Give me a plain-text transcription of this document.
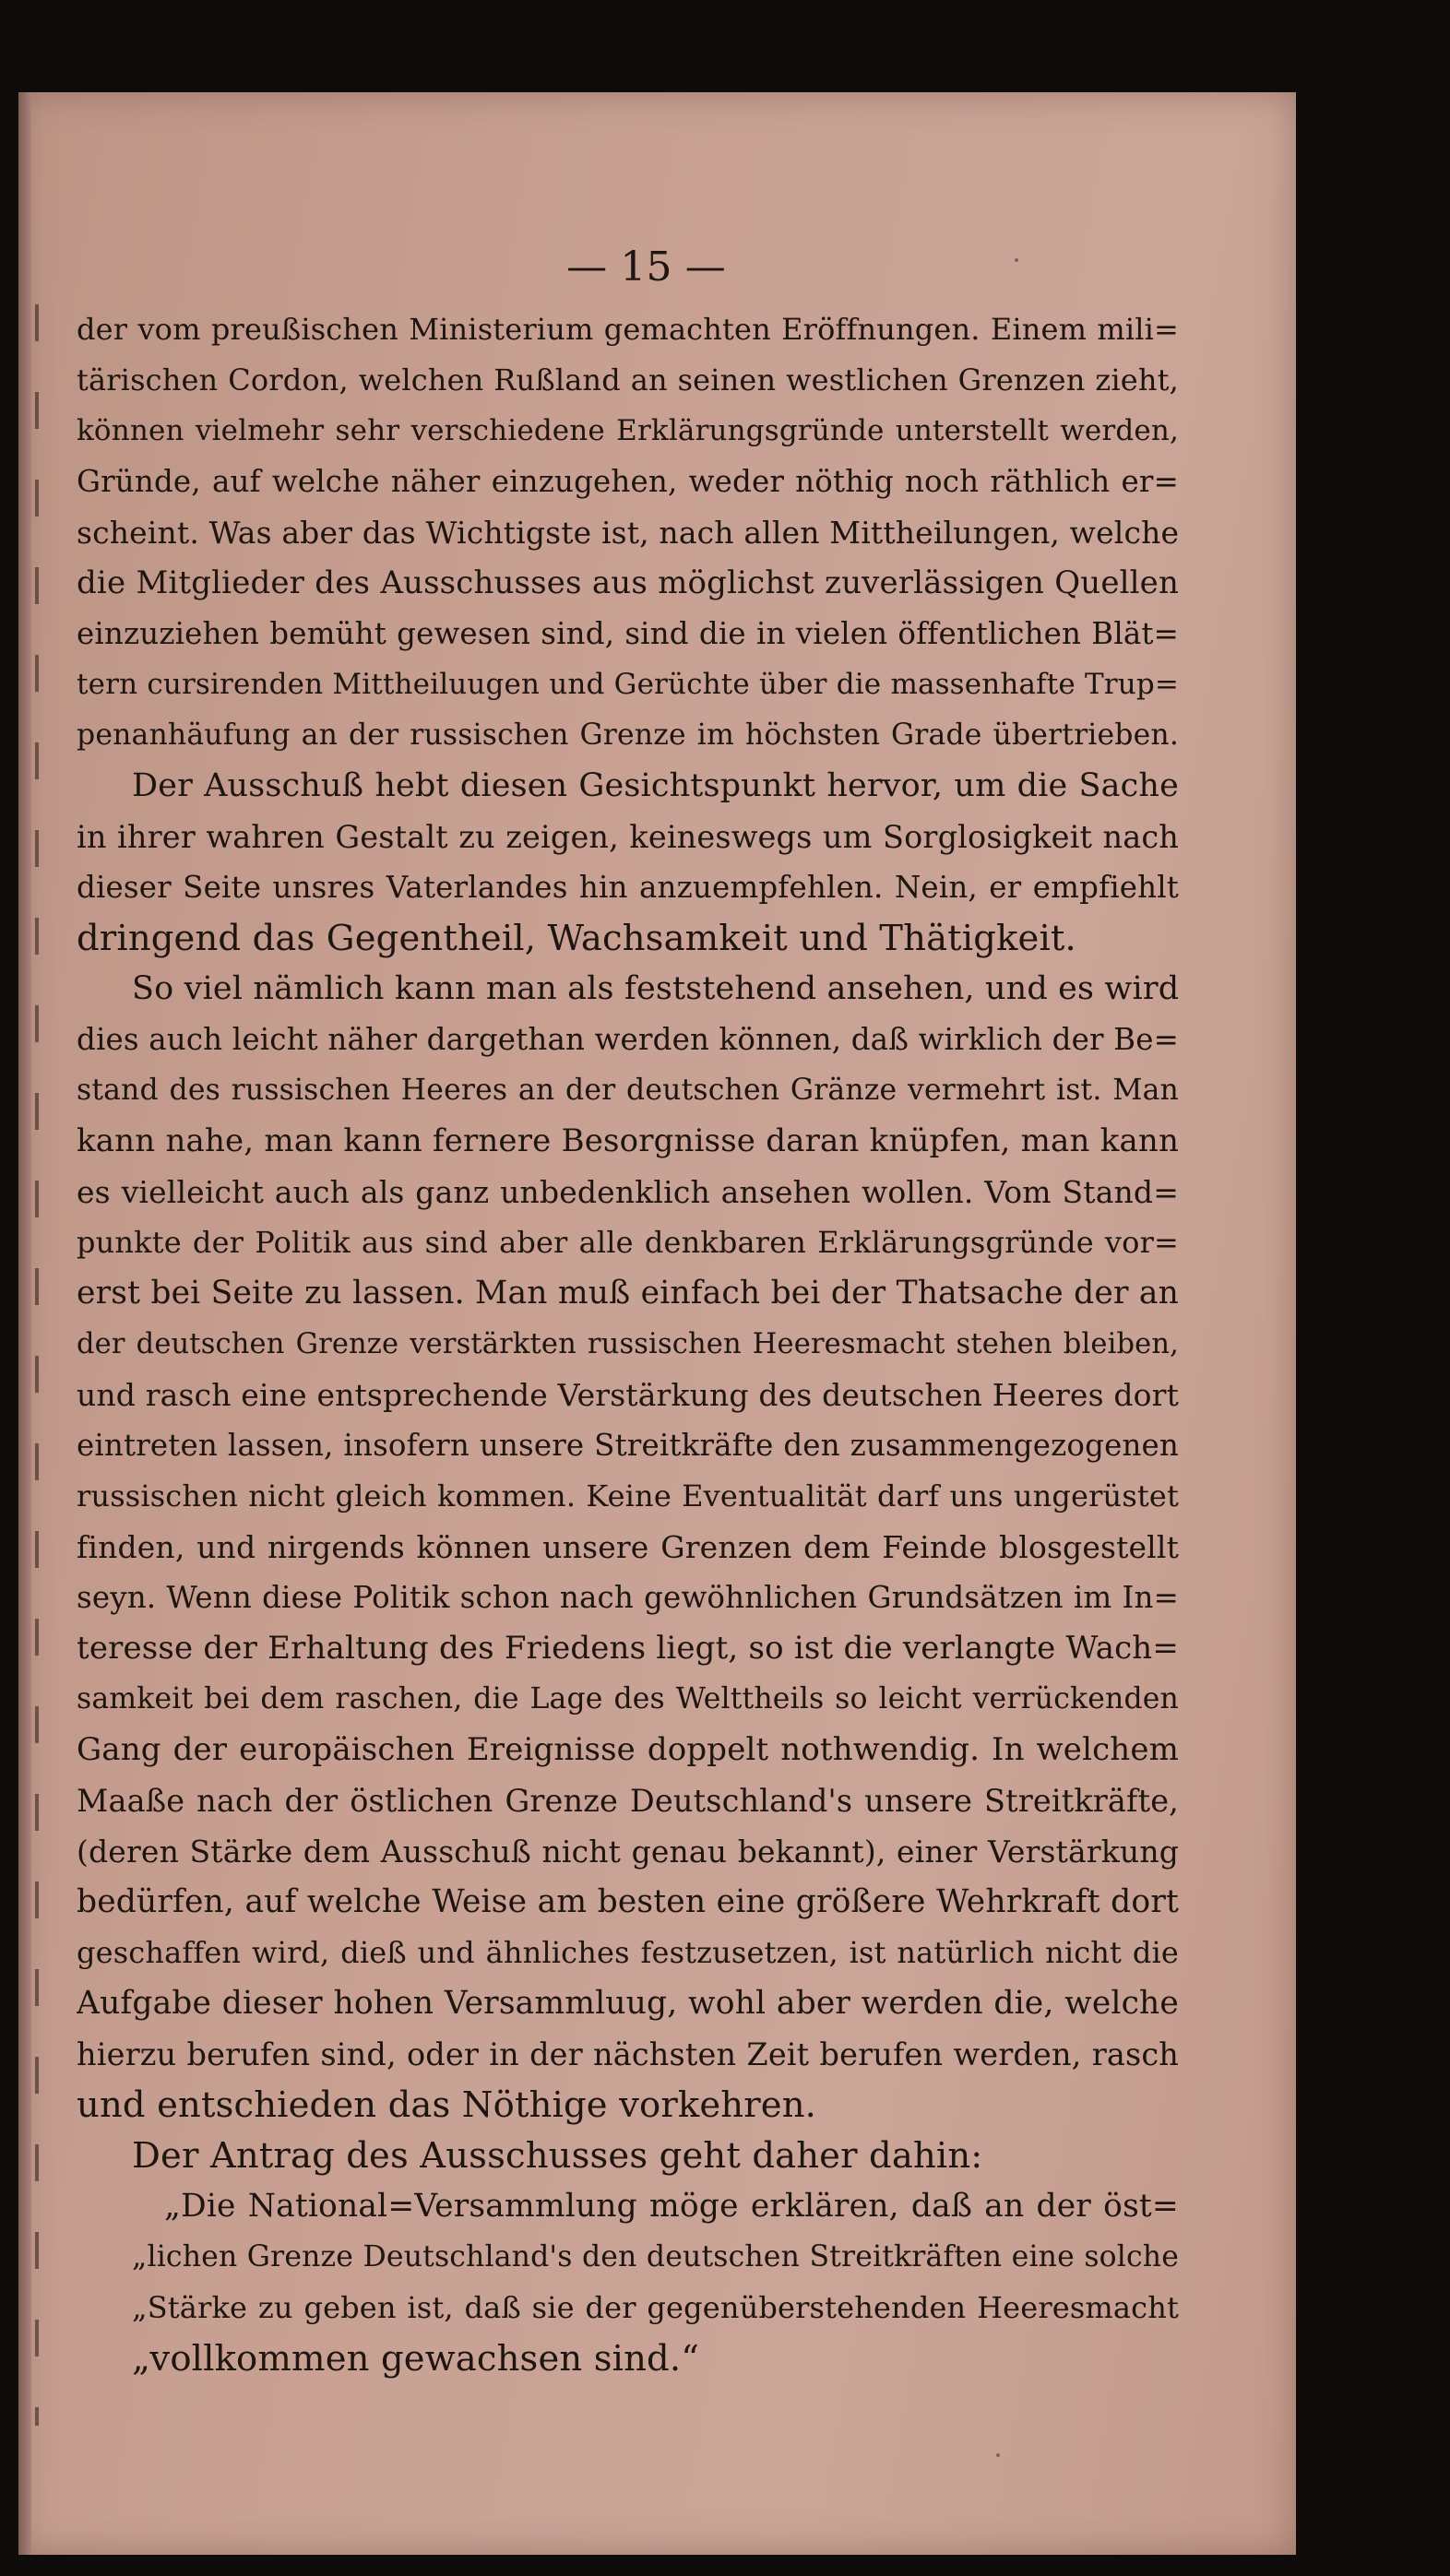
— 15 —
der vom preußischen Ministerium gemachten Eröffnungen. Einem mili=
tärischen Cordon, welchen Rußland an seinen westlichen Grenzen zieht,
können vielmehr sehr verschiedene Erklärungsgründe unterstellt werden,
Gründe, auf welche näher einzugehen, weder nöthig noch räthlich er=
scheint. Was aber das Wichtigste ist, nach allen Mittheilungen, welche
die Mitglieder des Ausschusses aus möglichst zuverlässigen Quellen
einzuziehen bemüht gewesen sind, sind die in vielen öffentlichen Blät=
tern cursirenden Mittheiluugen und Gerüchte über die massenhafte Trup=
penanhäufung an der russischen Grenze im höchsten Grade übertrieben.
Der Ausschuß hebt diesen Gesichtspunkt hervor, um die Sache
in ihrer wahren Gestalt zu zeigen, keineswegs um Sorglosigkeit nach
dieser Seite unsres Vaterlandes hin anzuempfehlen. Nein, er empfiehlt
dringend das Gegentheil, Wachsamkeit und Thätigkeit.
So viel nämlich kann man als feststehend ansehen, und es wird
dies auch leicht näher dargethan werden können, daß wirklich der Be=
stand des russischen Heeres an der deutschen Gränze vermehrt ist. Man
kann nahe, man kann fernere Besorgnisse daran knüpfen, man kann
es vielleicht auch als ganz unbedenklich ansehen wollen. Vom Stand=
punkte der Politik aus sind aber alle denkbaren Erklärungsgründe vor=
erst bei Seite zu lassen. Man muß einfach bei der Thatsache der an
der deutschen Grenze verstärkten russischen Heeresmacht stehen bleiben,
und rasch eine entsprechende Verstärkung des deutschen Heeres dort
eintreten lassen, insofern unsere Streitkräfte den zusammengezogenen
russischen nicht gleich kommen. Keine Eventualität darf uns ungerüstet
finden, und nirgends können unsere Grenzen dem Feinde blosgestellt
seyn. Wenn diese Politik schon nach gewöhnlichen Grundsätzen im In=
teresse der Erhaltung des Friedens liegt, so ist die verlangte Wach=
samkeit bei dem raschen, die Lage des Welttheils so leicht verrückenden
Gang der europäischen Ereignisse doppelt nothwendig. In welchem
Maaße nach der östlichen Grenze Deutschland's unsere Streitkräfte,
(deren Stärke dem Ausschuß nicht genau bekannt), einer Verstärkung
bedürfen, auf welche Weise am besten eine größere Wehrkraft dort
geschaffen wird, dieß und ähnliches festzusetzen, ist natürlich nicht die
Aufgabe dieser hohen Versammluug, wohl aber werden die, welche
hierzu berufen sind, oder in der nächsten Zeit berufen werden, rasch
und entschieden das Nöthige vorkehren.
Der Antrag des Ausschusses geht daher dahin:
„Die National=Versammlung möge erklären, daß an der öst=
„lichen Grenze Deutschland's den deutschen Streitkräften eine solche
„Stärke zu geben ist, daß sie der gegenüberstehenden Heeresmacht
„vollkommen gewachsen sind.“
